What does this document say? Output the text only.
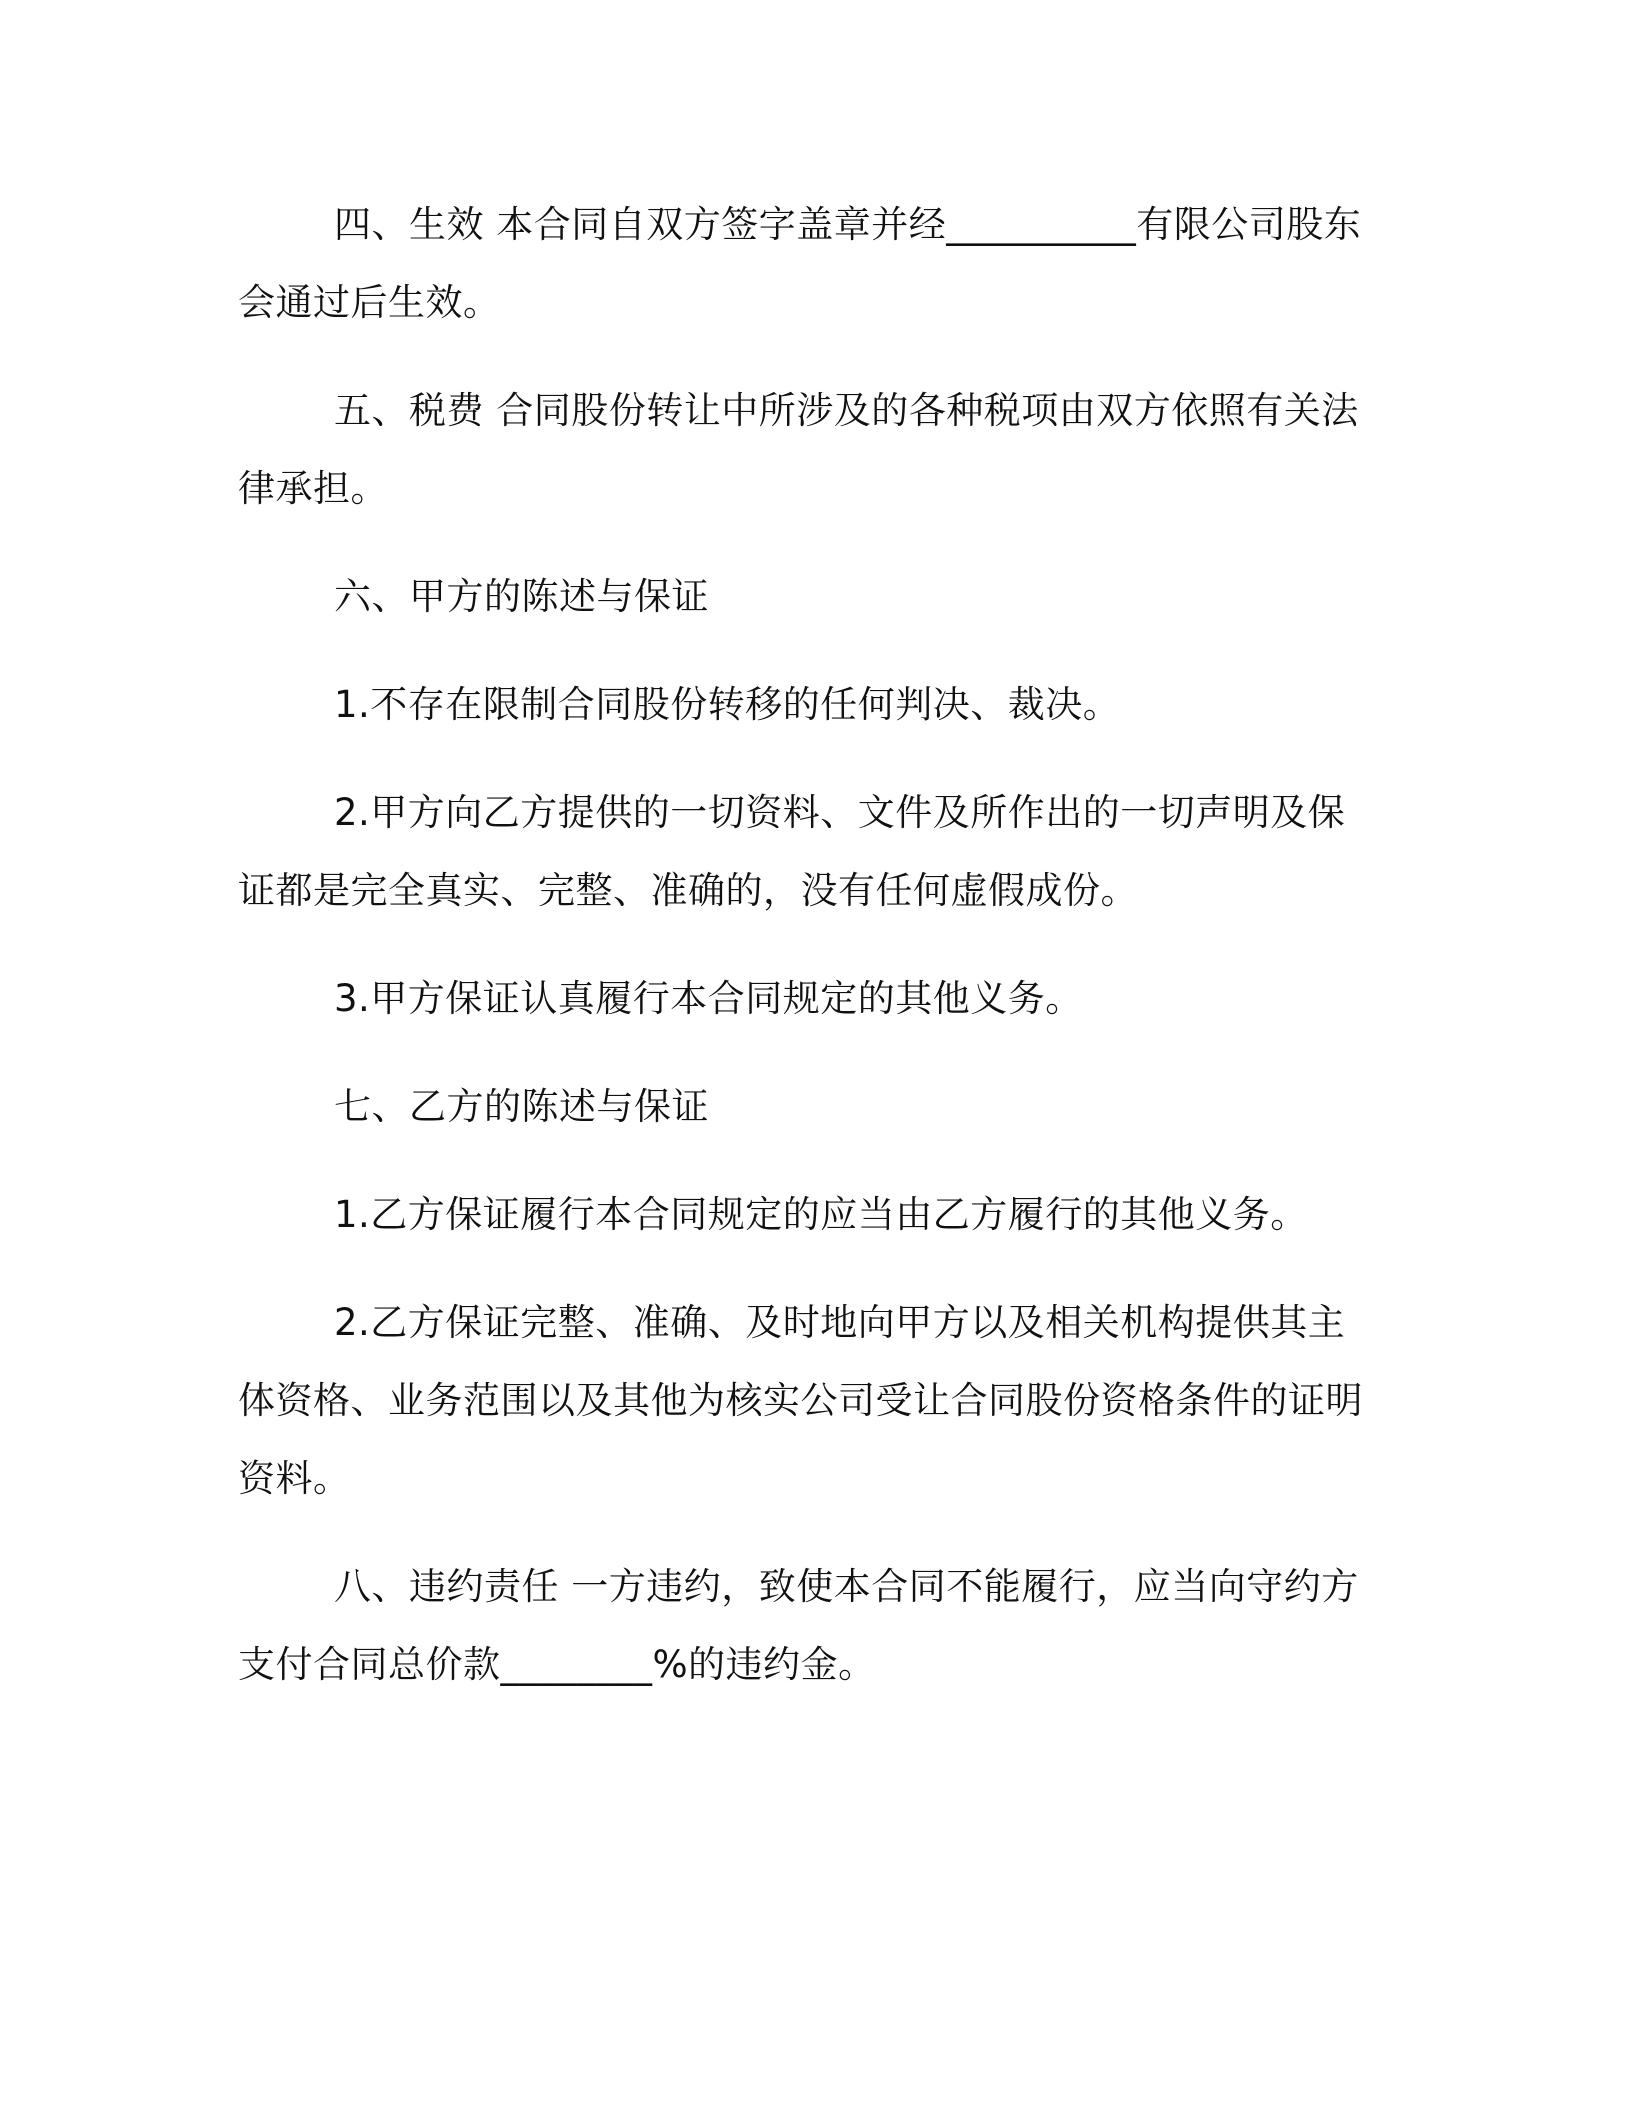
四、生效 本合同自双方签字盖章并经__________有限公司股东会通过后生效。

五、税费 合同股份转让中所涉及的各种税项由双方依照有关法律承担。

六、甲方的陈述与保证

1.不存在限制合同股份转移的任何判决、裁决。

2.甲方向乙方提供的一切资料、文件及所作出的一切声明及保证都是完全真实、完整、准确的，没有任何虚假成份。

3.甲方保证认真履行本合同规定的其他义务。

七、乙方的陈述与保证

1.乙方保证履行本合同规定的应当由乙方履行的其他义务。

2.乙方保证完整、准确、及时地向甲方以及相关机构提供其主体资格、业务范围以及其他为核实公司受让合同股份资格条件的证明资料。

八、违约责任 一方违约，致使本合同不能履行，应当向守约方支付合同总价款________%的违约金。
